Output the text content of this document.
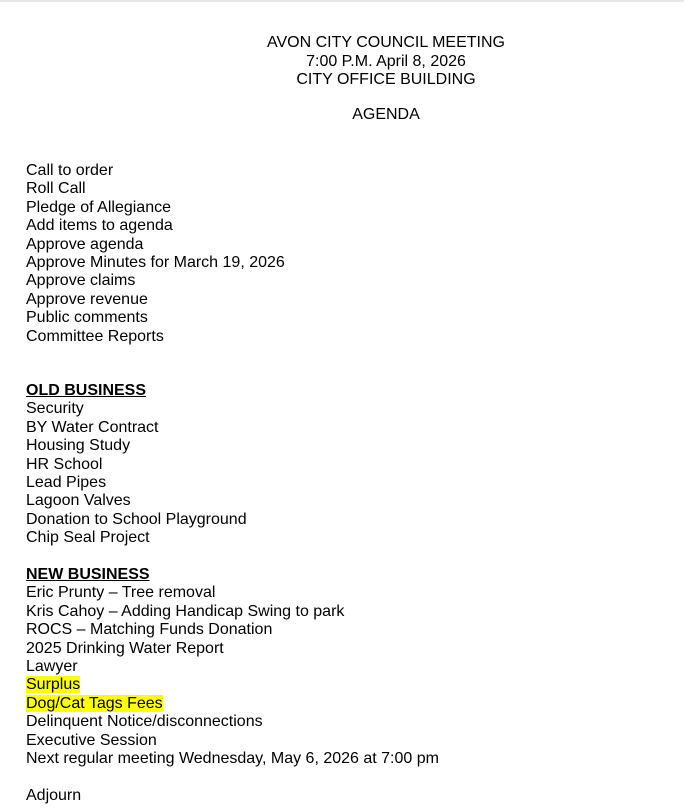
AVON CITY COUNCIL MEETING
7:00 P.M. April 8, 2026
CITY OFFICE BUILDING
AGENDA
Call to order
Roll Call
Pledge of Allegiance
Add items to agenda
Approve agenda
Approve Minutes for March 19, 2026
Approve claims
Approve revenue
Public comments
Committee Reports
OLD BUSINESS
Security
BY Water Contract
Housing Study
HR School
Lead Pipes
Lagoon Valves
Donation to School Playground
Chip Seal Project
NEW BUSINESS
Eric Prunty – Tree removal
Kris Cahoy – Adding Handicap Swing to park
ROCS – Matching Funds Donation
2025 Drinking Water Report
Lawyer
Surplus
Dog/Cat Tags Fees
Delinquent Notice/disconnections
Executive Session
Next regular meeting Wednesday, May 6, 2026 at 7:00 pm
Adjourn
